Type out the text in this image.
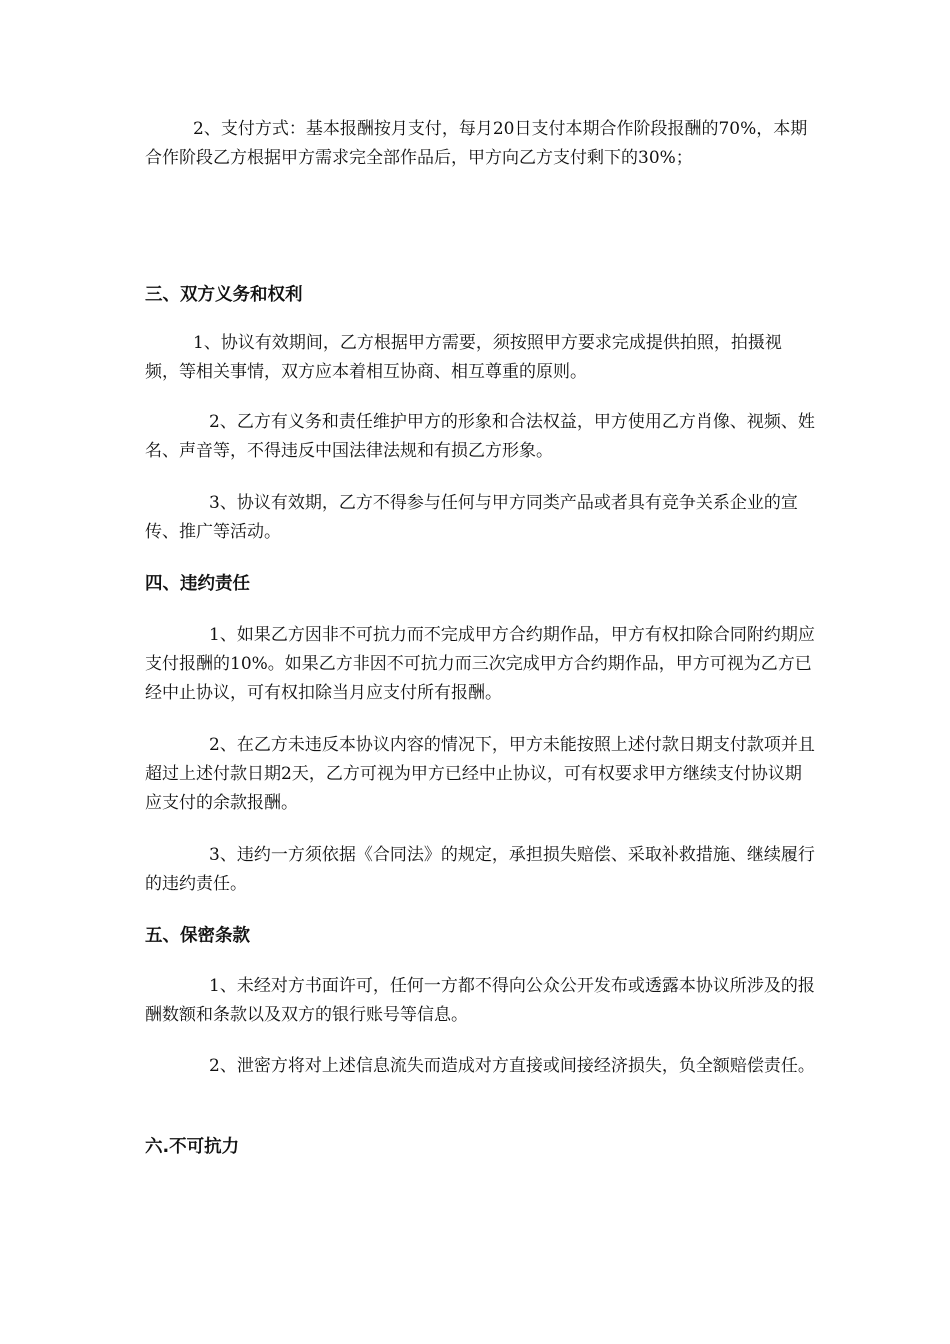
2、支付方式：基本报酬按月支付，每月20日支付本期合作阶段报酬的70%，本期合作阶段乙方根据甲方需求完全部作品后，甲方向乙方支付剩下的30%；

三、双方义务和权利

1、协议有效期间，乙方根据甲方需要，须按照甲方要求完成提供拍照，拍摄视频，等相关事情，双方应本着相互协商、相互尊重的原则。

2、乙方有义务和责任维护甲方的形象和合法权益，甲方使用乙方肖像、视频、姓名、声音等，不得违反中国法律法规和有损乙方形象。

3、协议有效期，乙方不得参与任何与甲方同类产品或者具有竞争关系企业的宣传、推广等活动。

四、违约责任

1、如果乙方因非不可抗力而不完成甲方合约期作品，甲方有权扣除合同附约期应支付报酬的10%。如果乙方非因不可抗力而三次完成甲方合约期作品，甲方可视为乙方已经中止协议，可有权扣除当月应支付所有报酬。

2、在乙方未违反本协议内容的情况下，甲方未能按照上述付款日期支付款项并且超过上述付款日期2天，乙方可视为甲方已经中止协议，可有权要求甲方继续支付协议期应支付的余款报酬。

3、违约一方须依据《合同法》的规定，承担损失赔偿、采取补救措施、继续履行的违约责任。

五、保密条款

1、未经对方书面许可，任何一方都不得向公众公开发布或透露本协议所涉及的报酬数额和条款以及双方的银行账号等信息。

2、泄密方将对上述信息流失而造成对方直接或间接经济损失，负全额赔偿责任。

六.不可抗力
